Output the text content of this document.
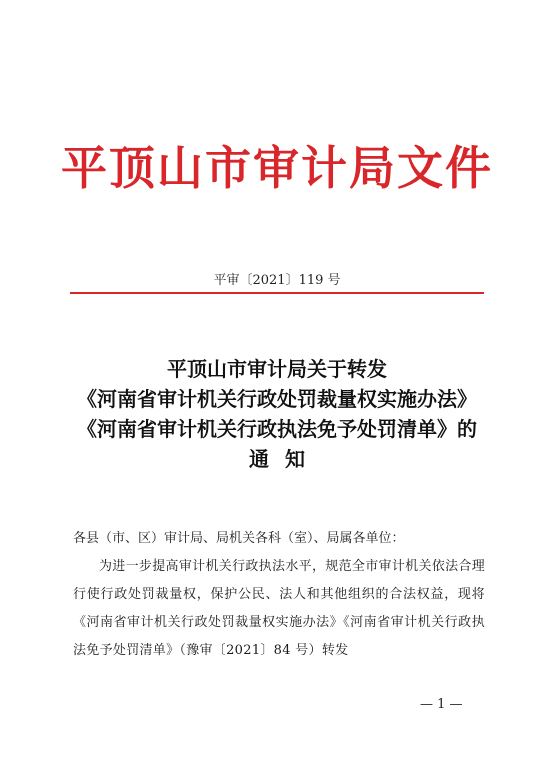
平顶山市审计局文件
平审〔2021〕119 号
平顶山市审计局关于转发
《河南省审计机关行政处罚裁量权实施办法》
《河南省审计机关行政执法免予处罚清单》的
通知
各县（市、区）审计局、局机关各科（室）、局属各单位：
为进一步提高审计机关行政执法水平，规范全市审计机关依法合理行使行政处罚裁量权，保护公民、法人和其他组织的合法权益，现将《河南省审计机关行政处罚裁量权实施办法》《河南省审计机关行政执法免予处罚清单》（豫审〔2021〕84 号）转发
— 1 —
